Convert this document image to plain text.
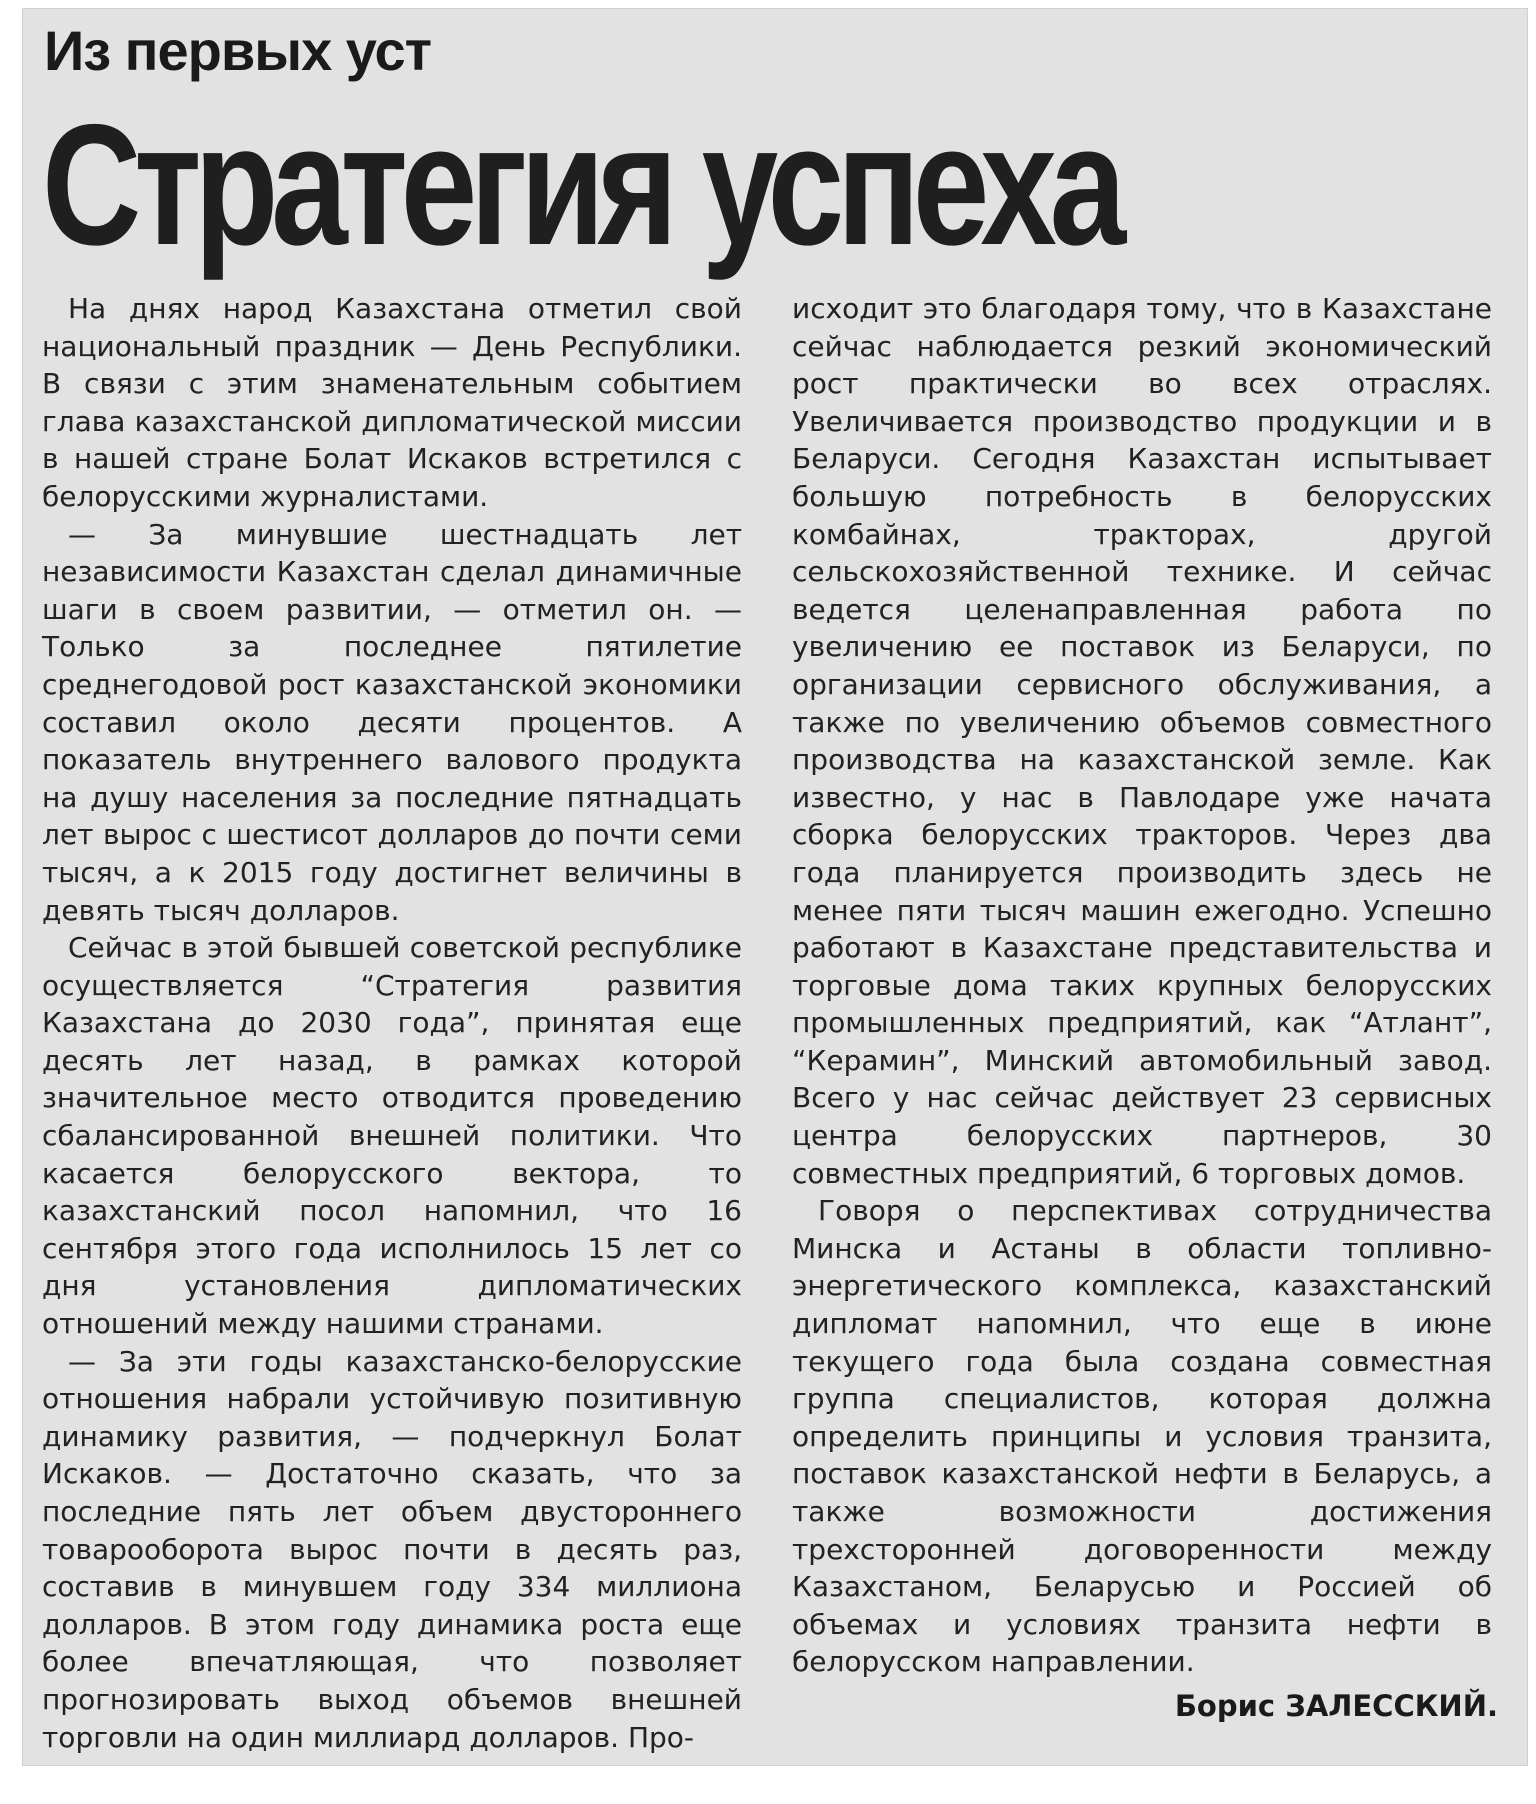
Из первых уст
Стратегия успеха

На днях народ Казахстана отметил свой национальный праздник — День Республики. В связи с этим знаменательным событием глава казахстанской дипломатической миссии в нашей стране Болат Искаков встретился с белорусскими журналистами.

— За минувшие шестнадцать лет независимости Казахстан сделал динамичные шаги в своем развитии, — отметил он. — Только за последнее пятилетие среднегодовой рост казахстанской экономики составил около десяти процентов. А показатель внутреннего валового продукта на душу населения за последние пятнадцать лет вырос с шестисот долларов до почти семи тысяч, а к 2015 году достигнет величины в девять тысяч долларов.

Сейчас в этой бывшей советской республике осуществляется “Стратегия развития Казахстана до 2030 года”, принятая еще десять лет назад, в рамках которой значительное место отводится проведению сбалансированной внешней политики. Что касается белорусского вектора, то казахстанский посол напомнил, что 16 сентября этого года исполнилось 15 лет со дня установления дипломатических отношений между нашими странами.

— За эти годы казахстанско-белорусские отношения набрали устойчивую позитивную динамику развития, — подчеркнул Болат Искаков. — Достаточно сказать, что за последние пять лет объем двустороннего товарооборота вырос почти в десять раз, составив в минувшем году 334 миллиона долларов. В этом году динамика роста еще более впечатляющая, что позволяет прогнозировать выход объемов внешней торговли на один миллиард долларов. Про-

исходит это благодаря тому, что в Казахстане сейчас наблюдается резкий экономический рост практически во всех отраслях. Увеличивается производство продукции и в Беларуси. Сегодня Казахстан испытывает большую потребность в белорусских комбайнах, тракторах, другой сельскохозяйственной технике. И сейчас ведется целенаправленная работа по увеличению ее поставок из Беларуси, по организации сервисного обслуживания, а также по увеличению объемов совместного производства на казахстанской земле. Как известно, у нас в Павлодаре уже начата сборка белорусских тракторов. Через два года планируется производить здесь не менее пяти тысяч машин ежегодно. Успешно работают в Казахстане представительства и торговые дома таких крупных белорусских промышленных предприятий, как “Атлант”, “Керамин”, Минский автомобильный завод. Всего у нас сейчас действует 23 сервисных центра белорусских партнеров, 30 совместных предприятий, 6 торговых домов.

Говоря о перспективах сотрудничества Минска и Астаны в области топливно-энергетического комплекса, казахстанский дипломат напомнил, что еще в июне текущего года была создана совместная группа специалистов, которая должна определить принципы и условия транзита, поставок казахстанской нефти в Беларусь, а также возможности достижения трехсторонней договоренности между Казахстаном, Беларусью и Россией об объемах и условиях транзита нефти в белорусском направлении.

Борис ЗАЛЕССКИЙ.
